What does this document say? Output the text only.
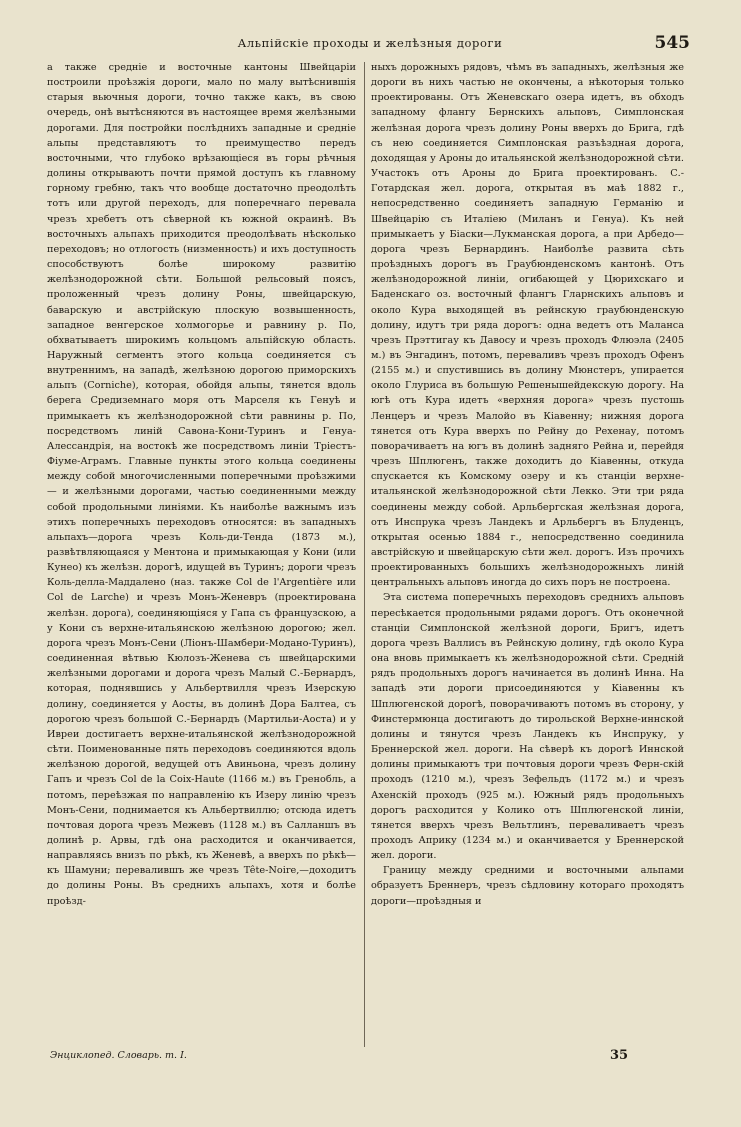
Альпійскіе проходы и желѣзныя дороги	545

а также средніе и восточные кантоны Швейцаріи построили проѣзжія дороги, мало по малу вытѣснившія старыя вьючныя дороги, точно также какъ, въ свою очередь, онѣ вытѣсняются въ настоящее время желѣзными дорогами. Для постройки послѣднихъ западные и средніе альпы представляютъ то преимущество передъ восточными, что глубоко врѣзающіеся въ горы рѣчныя долины открываютъ почти прямой доступъ къ главному горному гребню, такъ что вообще достаточно преодолѣть тотъ или другой переходъ, для поперечнаго перевала чрезъ хребетъ отъ сѣверной къ южной окраинѣ. Въ восточныхъ альпахъ приходится преодолѣвать нѣсколько переходовъ; но отлогость (низменность) и ихъ доступность способствуютъ болѣе широкому развитію желѣзнодорожной сѣти. Большой рельсовый поясъ, проложенный чрезъ долину Роны, швейцарскую, баварскую и австрійскую плоскую возвышенность, западное венгерское холмогорье и равнину р. По, обхватываетъ широкимъ кольцомъ альпійскую область. Наружный сегментъ этого кольца соединяется съ внутреннимъ, на западѣ, желѣзною дорогою приморскихъ альпъ (Corniche), которая, обойдя альпы, тянется вдоль берега Средиземнаго моря отъ Марселя къ Генуѣ и примыкаетъ къ желѣзнодорожной сѣти равнины р. По, посредствомъ линій Савона-Кони-Туринъ и Генуа-Алессандрія, на востокѣ же посредствомъ линіи Тріестъ-Фіуме-Аграмъ. Главные пункты этого кольца соединены между собой многочисленными поперечными проѣзжими — и желѣзными дорогами, частью соединенными между собой продольными линіями. Къ наиболѣе важнымъ изъ этихъ поперечныхъ переходовъ относятся: въ западныхъ альпахъ—дорога чрезъ Коль-ди-Тенда (1873 м.), развѣтвляющаяся у Ментона и примыкающая у Кони (или Кунео) къ желѣзн. дорогѣ, идущей въ Туринъ; дороги чрезъ Коль-делла-Маддалено (наз. также Col de l'Argentière или Col de Larche) и чрезъ Монъ-Женевръ (проектирована желѣзн. дорога), соединяющіяся у Гапа съ французскою, а у Кони съ верхне-итальянскою желѣзною дорогою; жел. дорога чрезъ Монъ-Сени (Ліонъ-Шамбери-Модано-Туринъ), соединенная вѣтвью Кюлозъ-Женева съ швейцарскими желѣзными дорогами и дорога чрезъ Малый С.-Бернардъ, которая, поднявшись у Альбертвилля чрезъ Изерскую долину, соединяется у Аосты, въ долинѣ Дора Балтеа, съ дорогою чрезъ большой С.-Бернардъ (Мартильи-Аоста) и у Ивреи достигаетъ верхне-итальянской желѣзнодорожной сѣти. Поименованные пять переходовъ соединяются вдоль желѣзною дорогой, ведущей отъ Авиньона, чрезъ долину Гапъ и чрезъ Col de la Coix-Haute (1166 м.) въ Гренобль, а потомъ, переѣзжая по направленію къ Изеру линію чрезъ Монъ-Сени, поднимается къ Альбертвиллю; отсюда идетъ почтовая дорога чрезъ Межевъ (1128 м.) въ Салланшъ въ долинѣ р. Арвы, гдѣ она расходится и оканчивается, направляясь внизъ по рѣкѣ, къ Женевѣ, а вверхъ по рѣкѣ—къ Шамуни; перевалившъ же чрезъ Tête-Noire,—доходитъ до долины Роны. Въ среднихъ альпахъ, хотя и болѣе проѣзд-

ныхъ дорожныхъ рядовъ, чѣмъ въ западныхъ, желѣзныя же дороги въ нихъ частью не окончены, а нѣкоторыя только проектированы. Отъ Женевскаго озера идетъ, въ обходъ западному флангу Бернскихъ альповъ, Симплонская желѣзная дорога чрезъ долину Роны вверхъ до Брига, гдѣ съ нею соединяется Симплонская разъѣздная дорога, доходящая у Ароны до итальянской желѣзнодорожной сѣти. Участокъ отъ Ароны до Брига проектированъ. С.-Готардская жел. дорога, открытая въ маѣ 1882 г., непосредственно соединяетъ западную Германію и Швейцарію съ Италіею (Миланъ и Генуа). Къ ней примыкаетъ у Біаски—Лукманская дорога, а при Арбедо—дорога чрезъ Бернардинъ. Наиболѣе развита сѣть проѣздныхъ дорогъ въ Граубюнденскомъ кантонѣ. Отъ желѣзнодорожной линіи, огибающей у Цюрихскаго и Баденскаго оз. восточный флангъ Гларнскихъ альповъ и около Кура выходящей въ рейнскую граубюнденскую долину, идутъ три ряда дорогъ: одна ведетъ отъ Маланса чрезъ Прэттигау къ Давосу и чрезъ проходъ Флюэла (2405 м.) въ Энгадинъ, потомъ, переваливъ чрезъ проходъ Офенъ (2155 м.) и спустившись въ долину Мюнстеръ, упирается около Глуриса въ большую Решенышейдекскую дорогу. На югѣ отъ Кура идетъ «верхняя дорога» чрезъ пустошь Ленцеръ и чрезъ Малойо въ Кіавенну; нижняя дорога тянется отъ Кура вверхъ по Рейну до Рехенау, потомъ поворачиваетъ на югъ въ долинѣ задняго Рейна и, перейдя чрезъ Шплюгенъ, также доходитъ до Кіавенны, откуда спускается къ Комскому озеру и къ станціи верхне-итальянской желѣзнодорожной сѣти Лекко. Эти три ряда соединены между собой. Арльбергская желѣзная дорога, отъ Инспрука чрезъ Ландекъ и Арльбергъ въ Блуденцъ, открытая осенью 1884 г., непосредственно соединила австрійскую и швейцарскую сѣти жел. дорогъ. Изъ прочихъ проектированныхъ большихъ желѣзнодорожныхъ линій центральныхъ альповъ иногда до сихъ поръ не построена.

Эта система поперечныхъ переходовъ среднихъ альповъ пересѣкается продольными рядами дорогъ. Отъ оконечной станціи Симплонской желѣзной дороги, Бригъ, идетъ дорога чрезъ Валлисъ въ Рейнскую долину, гдѣ около Кура она вновь примыкаетъ къ желѣзнодорожной сѣти. Средній рядъ продольныхъ дорогъ начинается въ долинѣ Инна. На западѣ эти дороги присоединяются у Кіавенны къ Шплюгенской дорогѣ, поворачиваютъ потомъ въ сторону, у Финстермюнца достигаютъ до тирольской Верхне-иннской долины и тянутся чрезъ Ландекъ къ Инспруку, у Бреннерской жел. дороги. На сѣверѣ къ дорогѣ Иннской долины примыкаютъ три почтовыя дороги чрезъ Ферн-скій проходъ (1210 м.), чрезъ Зефельдъ (1172 м.) и чрезъ Ахенскій проходъ (925 м.). Южный рядъ продольныхъ дорогъ расходится у Колико отъ Шплюгенской линіи, тянется вверхъ чрезъ Вельтлинъ, переваливаетъ чрезъ проходъ Априку (1234 м.) и оканчивается у Бреннерской жел. дороги.

Границу между средними и восточными альпами образуетъ Бреннеръ, чрезъ сѣдловину котораго проходятъ дороги—проѣздныя и

Энциклопед. Словарь. т. I.	35
